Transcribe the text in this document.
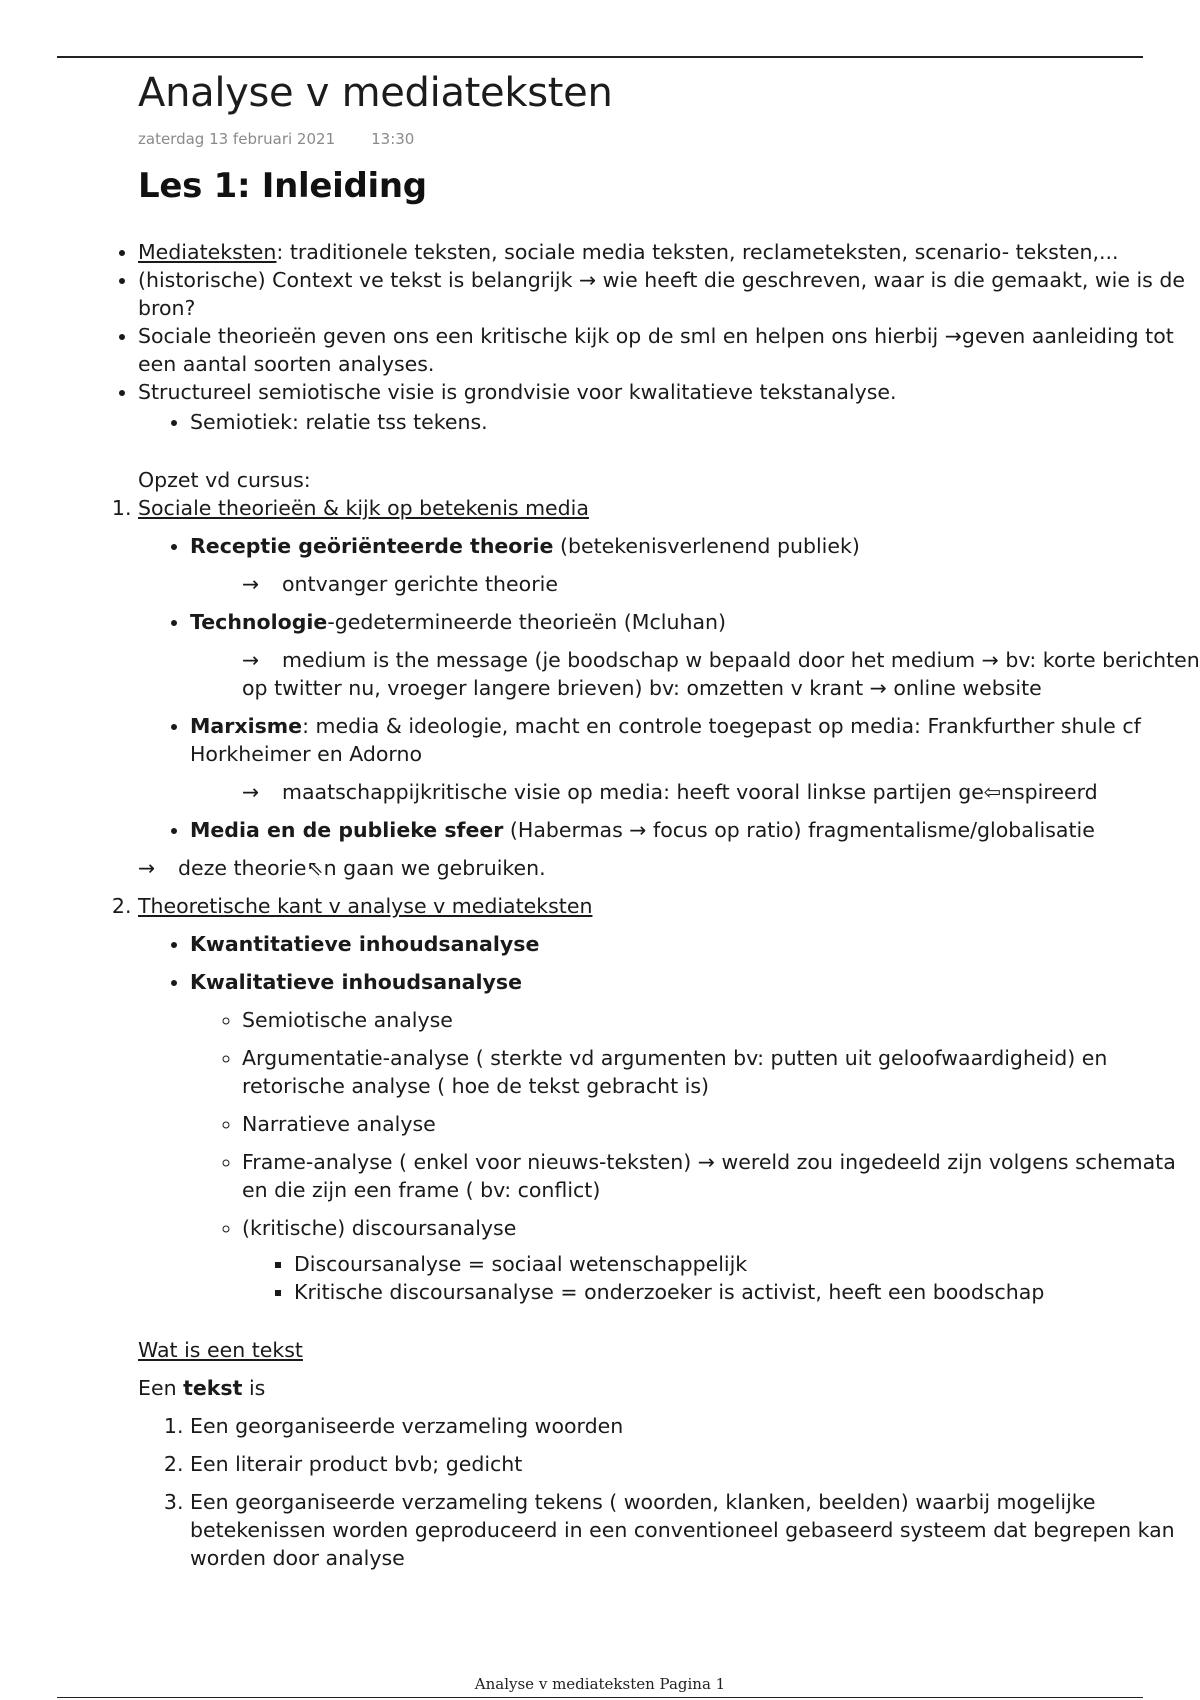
Analyse v mediateksten
zaterdag 13 februari 2021 13:30
Les 1: Inleiding
• Mediateksten: traditionele teksten, sociale media teksten, reclameteksten, scenario- teksten,...
• (historische) Context ve tekst is belangrijk → wie heeft die geschreven, waar is die gemaakt, wie is de bron?
• Sociale theorieën geven ons een kritische kijk op de sml en helpen ons hierbij →geven aanleiding tot een aantal soorten analyses.
• Structureel semiotische visie is grondvisie voor kwalitatieve tekstanalyse.
• Semiotiek: relatie tss tekens.

Opzet vd cursus:

1. Sociale theorieën & kijk op betekenis media
• Receptie geöriënteerde theorie (betekenisverlenend publiek)

→ ontvanger gerichte theorie

• Technologie-gedetermineerde theorieën (Mcluhan)

→ medium is the message (je boodschap w bepaald door het medium → bv: korte berichten op twitter nu, vroeger langere brieven) bv: omzetten v krant → online website

• Marxisme: media & ideologie, macht en controle toegepast op media: Frankfurther shule cf Horkheimer en Adorno

→ maatschappijkritische visie op media: heeft vooral linkse partijen ge⇦nspireerd

• Media en de publieke sfeer (Habermas → focus op ratio) fragmentalisme/globalisatie

→ deze theorie⇖n gaan we gebruiken.

2. Theoretische kant v analyse v mediateksten
• Kwantitatieve inhoudsanalyse
• Kwalitatieve inhoudsanalyse
◦ Semiotische analyse
◦ Argumentatie-analyse ( sterkte vd argumenten bv: putten uit geloofwaardigheid) en retorische analyse ( hoe de tekst gebracht is)
◦ Narratieve analyse
◦ Frame-analyse ( enkel voor nieuws-teksten) → wereld zou ingedeeld zijn volgens schemata en die zijn een frame ( bv: conflict)
◦ (kritische) discoursanalyse
▪ Discoursanalyse = sociaal wetenschappelijk
▪ Kritische discoursanalyse = onderzoeker is activist, heeft een boodschap

Wat is een tekst

Een tekst is

1. Een georganiseerde verzameling woorden
2. Een literair product bvb; gedicht
3. Een georganiseerde verzameling tekens ( woorden, klanken, beelden) waarbij mogelijke betekenissen worden geproduceerd in een conventioneel gebaseerd systeem dat begrepen kan worden door analyse
Analyse v mediateksten Pagina 1
